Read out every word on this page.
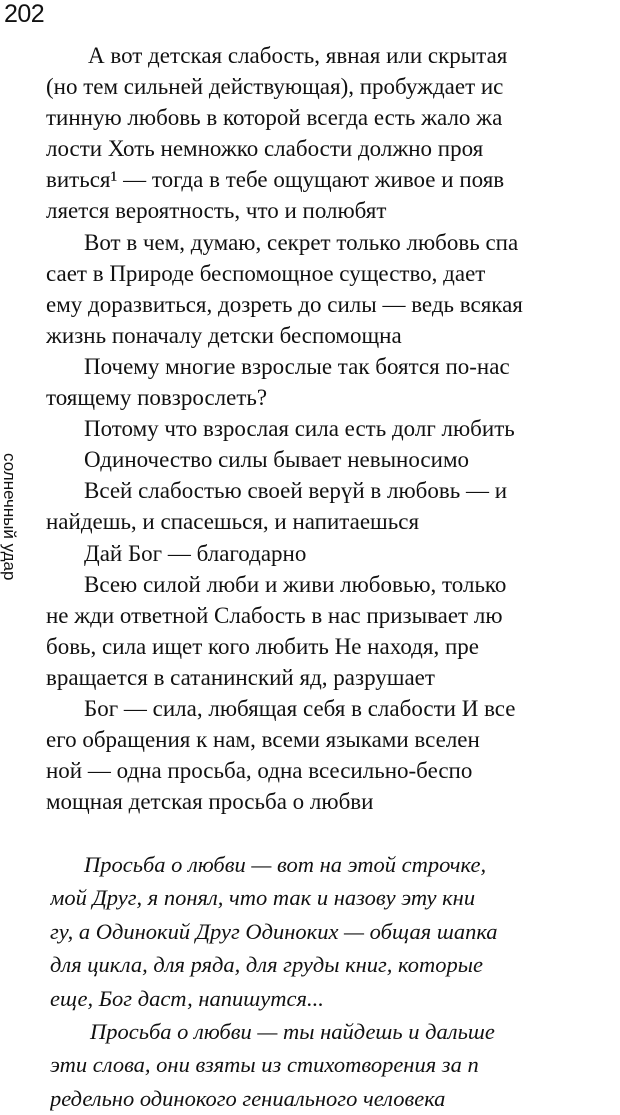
202
солнечный удар
А вот детская слабость, явная или скрытая
(но тем сильней действующая), пробуждает ис
тинную любовь в которой всегда есть жало жа
лости Хоть немножко слабости должно проя
виться¹ — тогда в тебе ощущают живое и появ
ляется вероятность, что и полюбят
Вот в чем, думаю, секрет только любовь спа
сает в Природе беспомощное существо, дает
ему доразвиться, дозреть до силы — ведь всякая
жизнь поначалу детски беспомощна
Почему многие взрослые так боятся по-нас
тоящему повзрослеть?
Потому что взрослая сила есть долг любить
Одиночество силы бывает невыносимо
Всей слабостью своей верүй в любовь — и
найдешь, и спасешься, и напитаешься
Дай Бог — благодарно
Всею силой люби и живи любовью, только
не жди ответной Слабость в нас призывает лю
бовь, сила ищет кого любить Не находя, пре
вращается в сатанинский яд, разрушает
Бог — сила, любящая себя в слабости И все
его обращения к нам, всеми языками вселен
ной — одна просьба, одна всесильно-беспо
мощная детская просьба о любви
Просьба о любви — вот на этой строчке,
мой Друг, я понял, что так и назову эту кни
гу, а Одинокий Друг Одиноких — общая шапка
для цикла, для ряда, для груды книг, которые
еще, Бог даст, напишутся...
Просьба о любви — ты найдешь и дальше
эти слова, они взяты из стихотворения за п
редельно одинокого гениального человека
